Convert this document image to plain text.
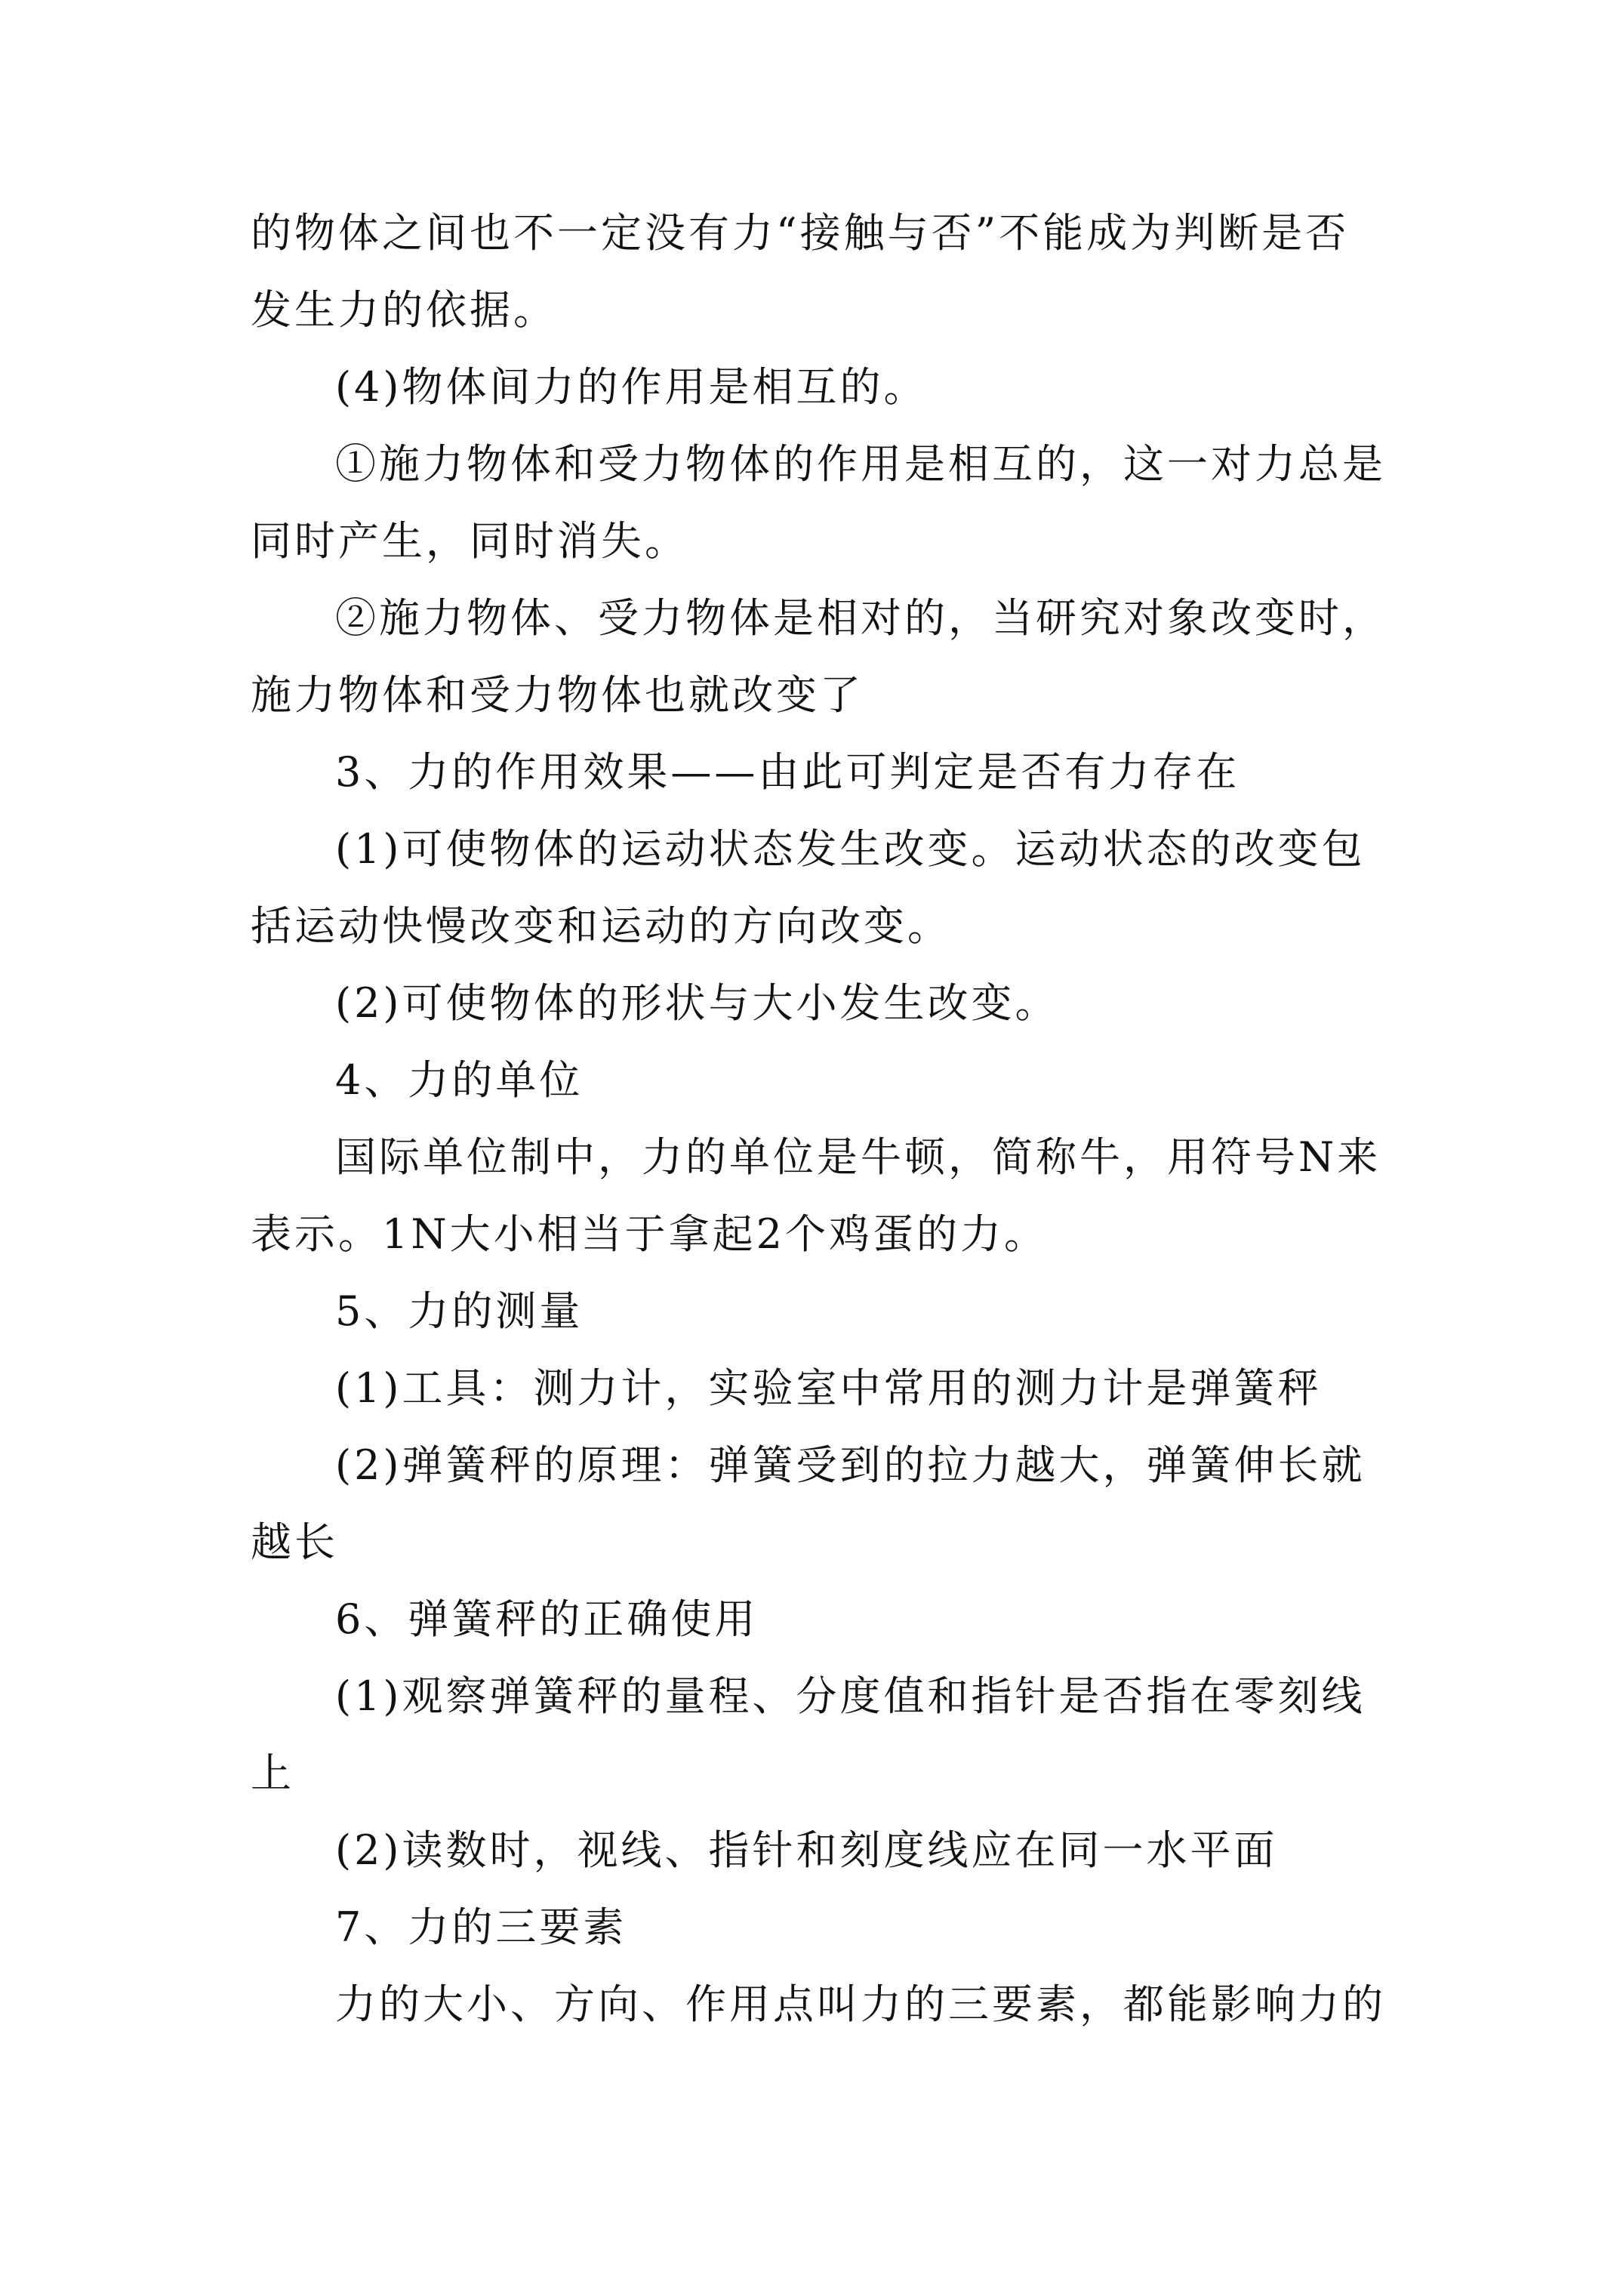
的物体之间也不一定没有力“接触与否”不能成为判断是否
发生力的依据。
(4)物体间力的作用是相互的。
①施力物体和受力物体的作用是相互的，这一对力总是
同时产生，同时消失。
②施力物体、受力物体是相对的，当研究对象改变时，
施力物体和受力物体也就改变了
3、力的作用效果——由此可判定是否有力存在
(1)可使物体的运动状态发生改变。运动状态的改变包
括运动快慢改变和运动的方向改变。
(2)可使物体的形状与大小发生改变。
4、力的单位
国际单位制中，力的单位是牛顿，简称牛，用符号N来
表示。1N大小相当于拿起2个鸡蛋的力。
5、力的测量
(1)工具：测力计，实验室中常用的测力计是弹簧秤
(2)弹簧秤的原理：弹簧受到的拉力越大，弹簧伸长就
越长
6、弹簧秤的正确使用
(1)观察弹簧秤的量程、分度值和指针是否指在零刻线
上
(2)读数时，视线、指针和刻度线应在同一水平面
7、力的三要素
力的大小、方向、作用点叫力的三要素，都能影响力的
